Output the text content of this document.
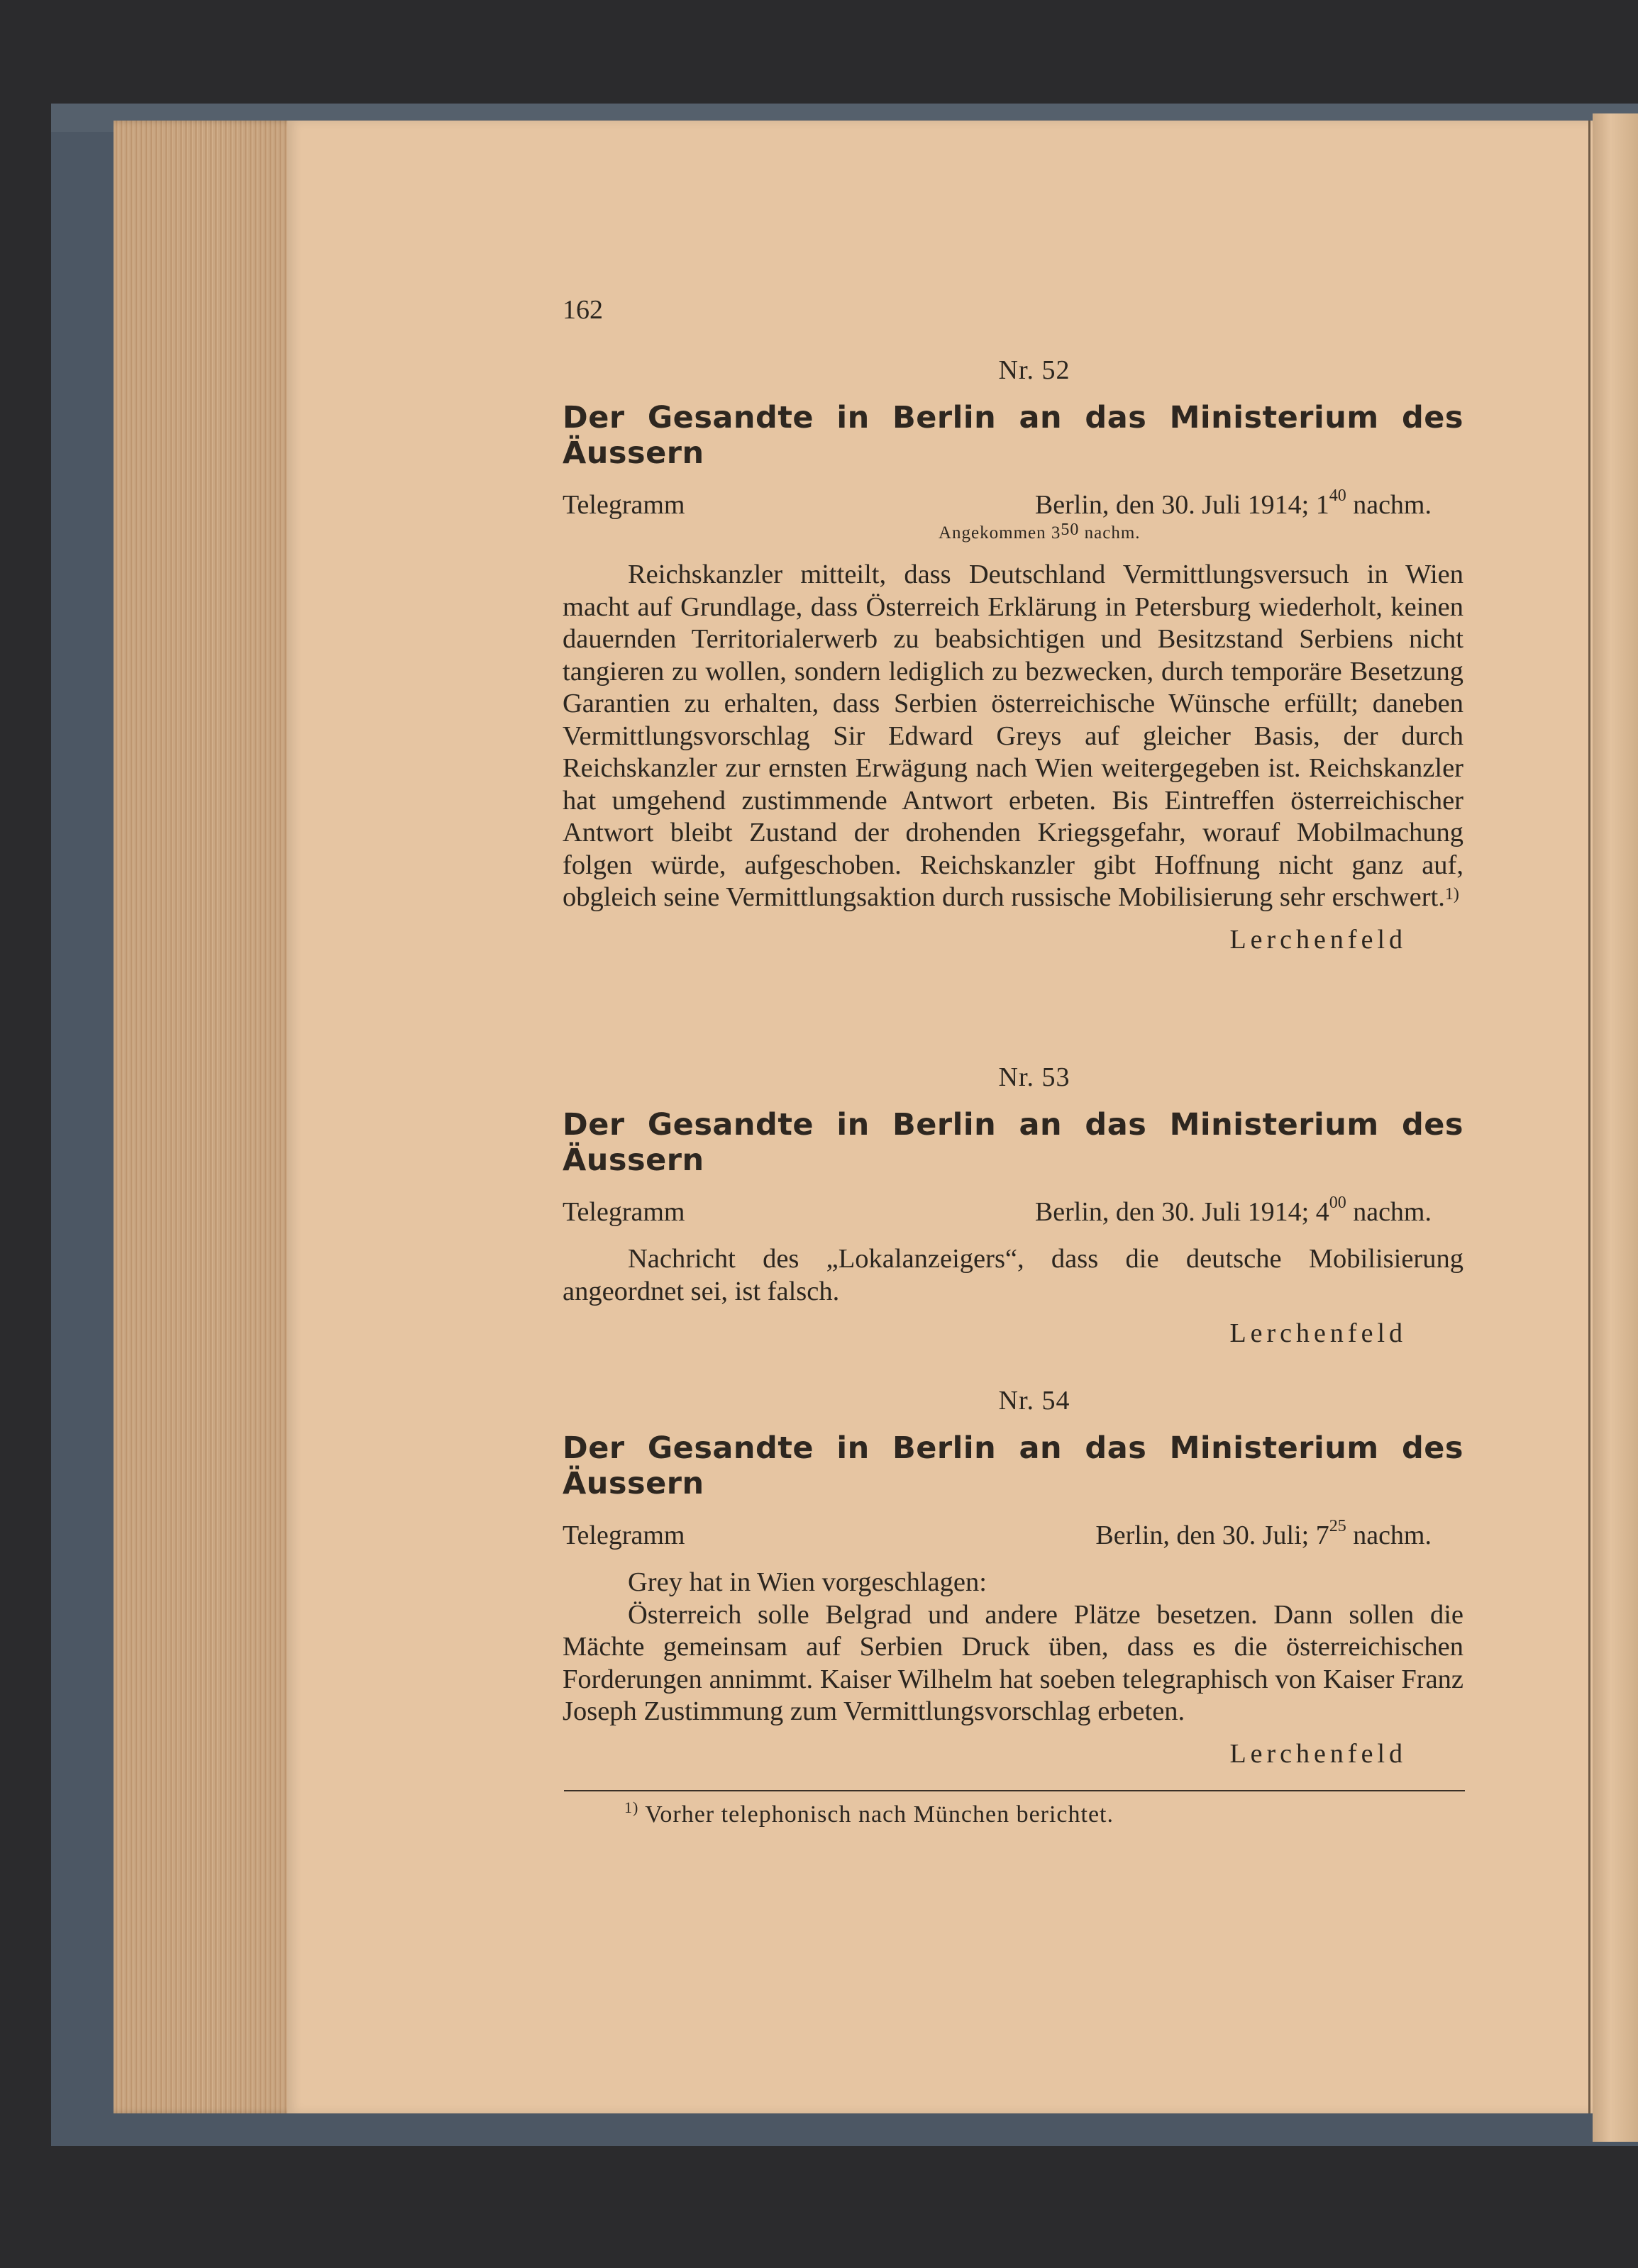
162
Nr. 52
Der Gesandte in Berlin an das Ministerium des Äussern
Telegramm	Berlin, den 30. Juli 1914; $1^{40}$ nachm.
Angekommen $3^{50}$ nachm.

Reichskanzler mitteilt, dass Deutschland Vermittlungsversuch in Wien macht auf Grundlage, dass Österreich Erklärung in Petersburg wiederholt, keinen dauernden Territorialerwerb zu beabsichtigen und Besitzstand Serbiens nicht tangieren zu wollen, sondern lediglich zu bezwecken, durch temporäre Besetzung Garantien zu erhalten, dass Serbien österreichische Wünsche erfüllt; daneben Vermittlungsvorschlag Sir Edward Greys auf gleicher Basis, der durch Reichskanzler zur ernsten Erwägung nach Wien weitergegeben ist. Reichskanzler hat umgehend zustimmende Antwort erbeten. Bis Eintreffen österreichischer Antwort bleibt Zustand der drohenden Kriegsgefahr, worauf Mobilmachung folgen würde, aufgeschoben. Reichskanzler gibt Hoffnung nicht ganz auf, obgleich seine Vermittlungsaktion durch russische Mobilisierung sehr erschwert.$^{1)}$

Lerchenfeld
Nr. 53
Der Gesandte in Berlin an das Ministerium des Äussern
Telegramm	Berlin, den 30. Juli 1914; $4^{00}$ nachm.

Nachricht des „Lokalanzeigers“, dass die deutsche Mobilisierung angeordnet sei, ist falsch.

Lerchenfeld
Nr. 54
Der Gesandte in Berlin an das Ministerium des Äussern
Telegramm	Berlin, den 30. Juli; $7^{25}$ nachm.

Grey hat in Wien vorgeschlagen:

Österreich solle Belgrad und andere Plätze besetzen. Dann sollen die Mächte gemeinsam auf Serbien Druck üben, dass es die österreichischen Forderungen annimmt. Kaiser Wilhelm hat soeben telegraphisch von Kaiser Franz Joseph Zustimmung zum Vermittlungsvorschlag erbeten.

Lerchenfeld
$^{1)}$ Vorher telephonisch nach München berichtet.
